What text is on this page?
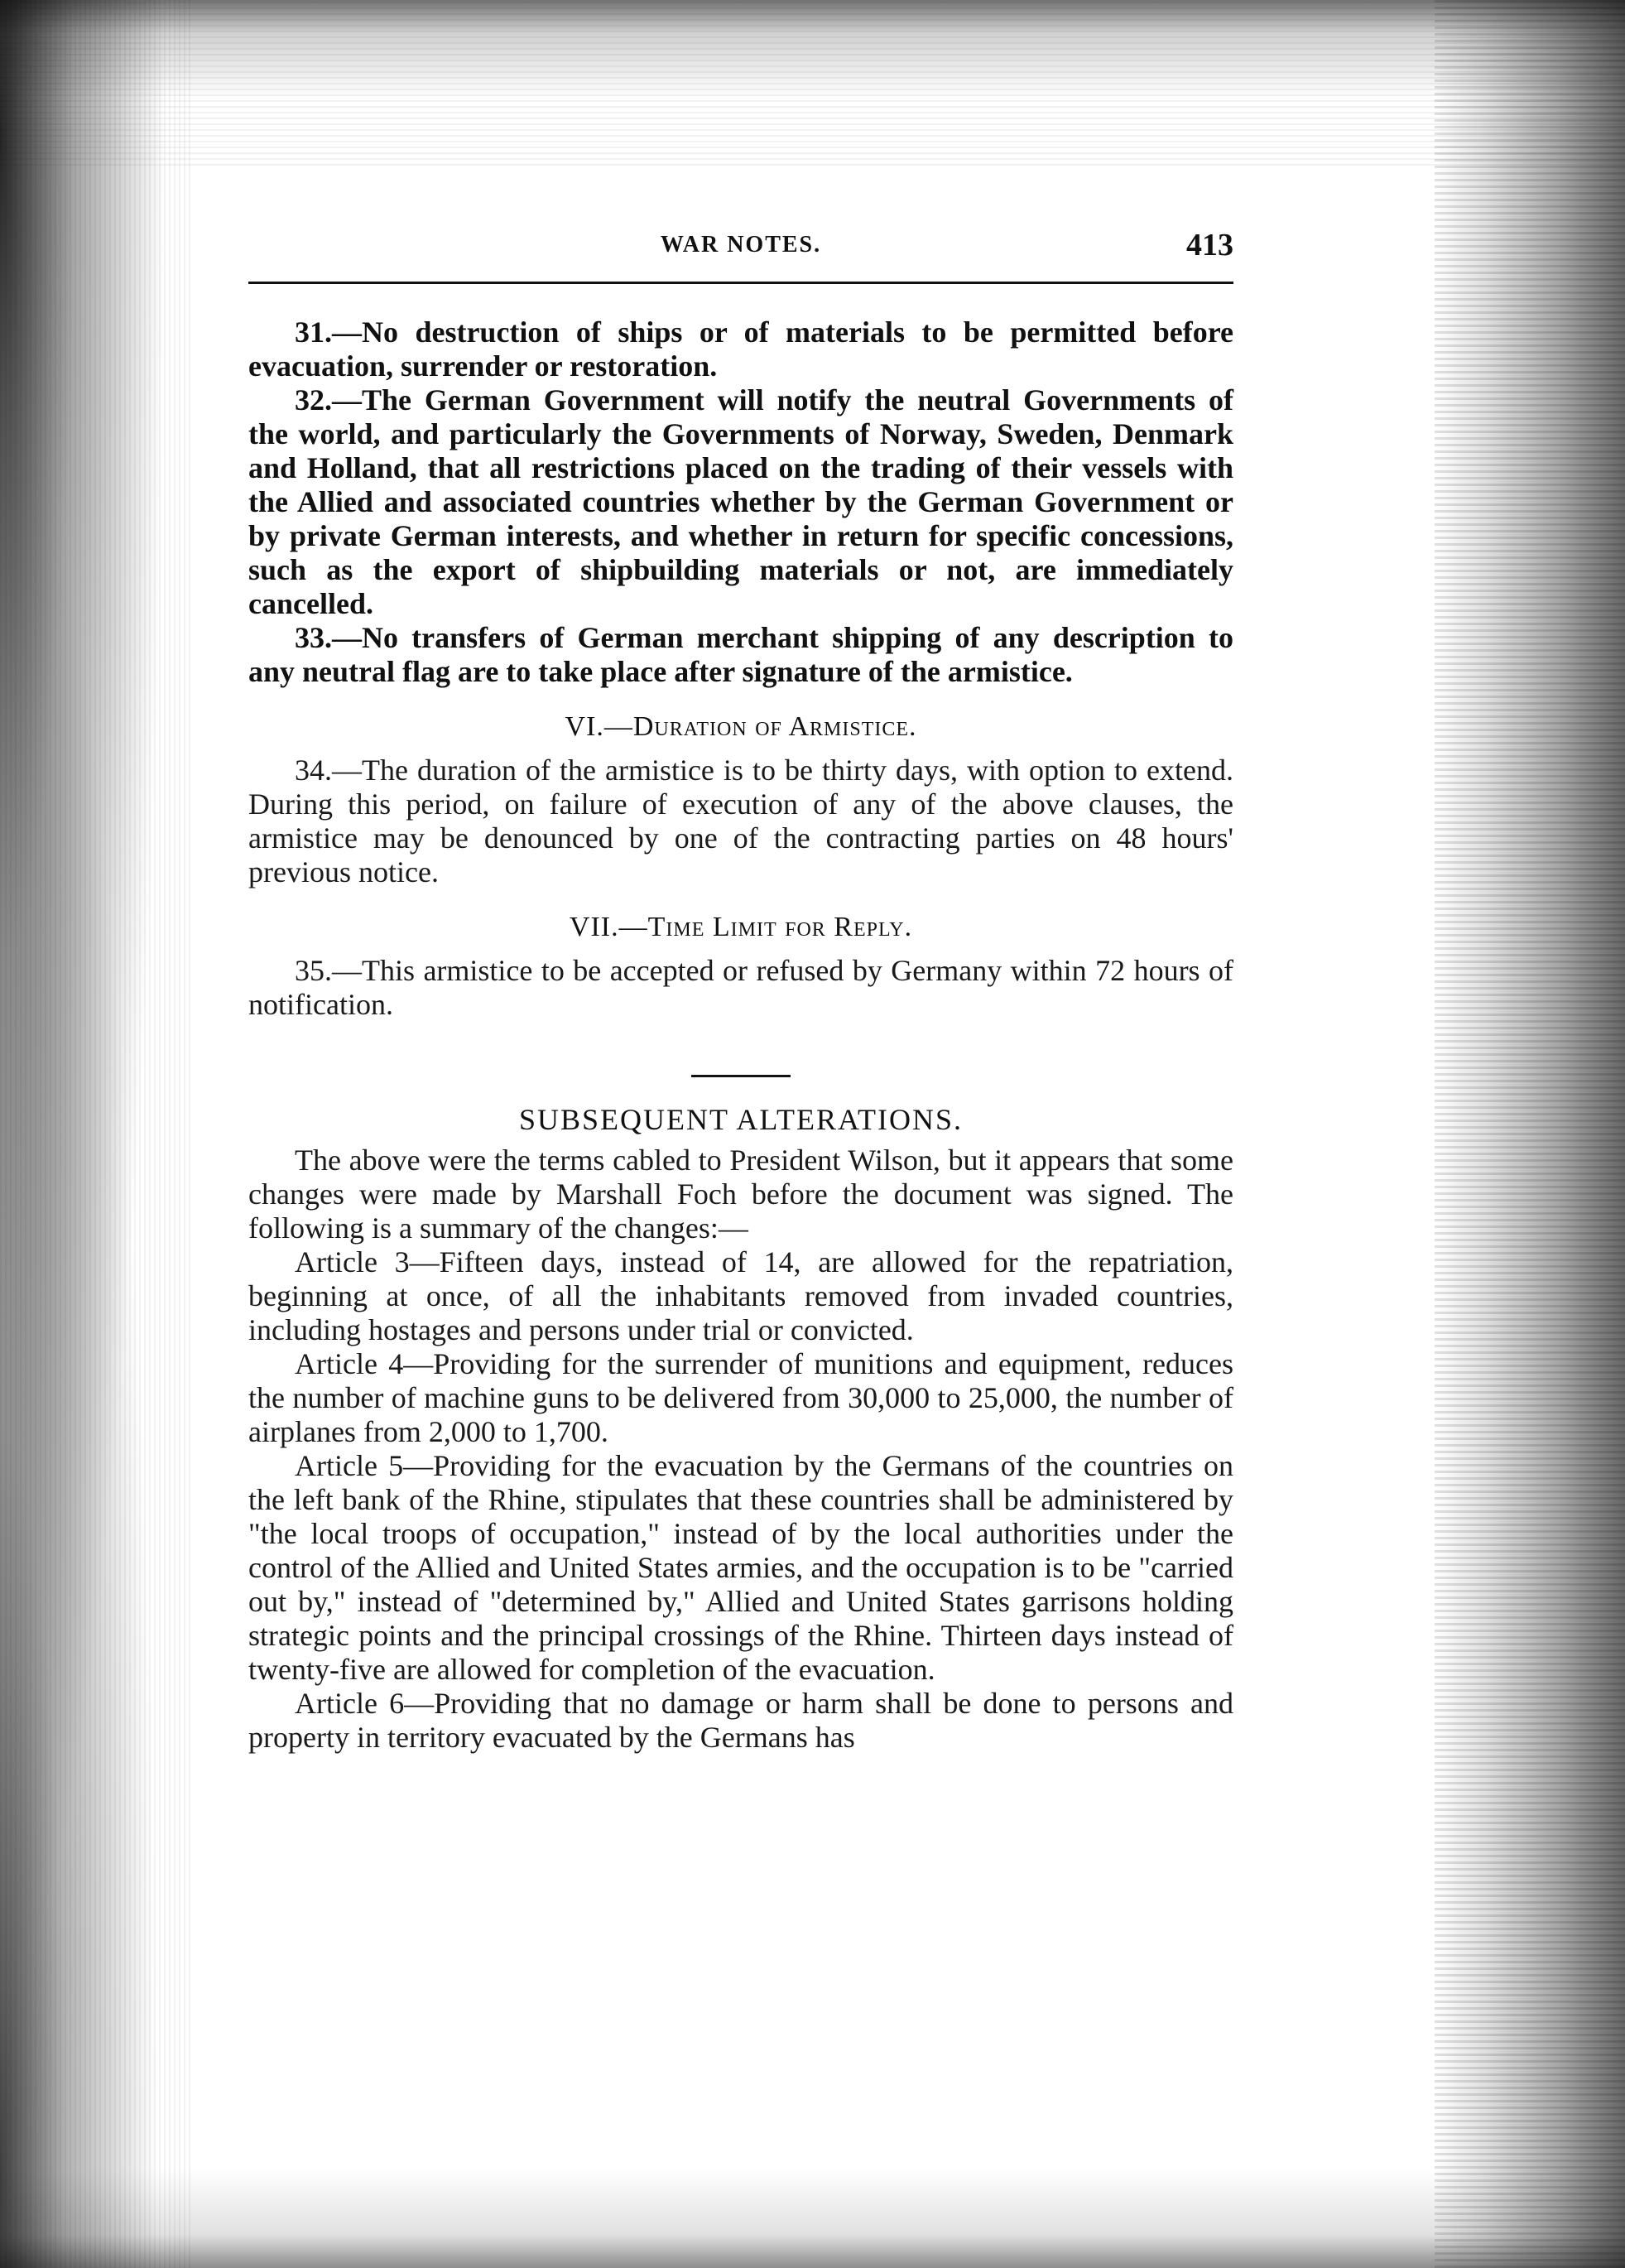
WAR NOTES.	413

31.—No destruction of ships or of materials to be permitted before evacuation, surrender or restoration.

32.—The German Government will notify the neutral Governments of the world, and particularly the Governments of Norway, Sweden, Denmark and Holland, that all restrictions placed on the trading of their vessels with the Allied and associated countries whether by the German Government or by private German interests, and whether in return for specific concessions, such as the export of shipbuilding materials or not, are immediately cancelled.

33.—No transfers of German merchant shipping of any description to any neutral flag are to take place after signature of the armistice.

VI.—Duration of Armistice.

34.—The duration of the armistice is to be thirty days, with option to extend. During this period, on failure of execution of any of the above clauses, the armistice may be denounced by one of the contracting parties on 48 hours' previous notice.

VII.—Time Limit for Reply.

35.—This armistice to be accepted or refused by Germany within 72 hours of notification.

SUBSEQUENT ALTERATIONS.

The above were the terms cabled to President Wilson, but it appears that some changes were made by Marshall Foch before the document was signed. The following is a summary of the changes:—

Article 3—Fifteen days, instead of 14, are allowed for the repatriation, beginning at once, of all the inhabitants removed from invaded countries, including hostages and persons under trial or convicted.

Article 4—Providing for the surrender of munitions and equipment, reduces the number of machine guns to be delivered from 30,000 to 25,000, the number of airplanes from 2,000 to 1,700.

Article 5—Providing for the evacuation by the Germans of the countries on the left bank of the Rhine, stipulates that these countries shall be administered by "the local troops of occupation," instead of by the local authorities under the control of the Allied and United States armies, and the occupation is to be "carried out by," instead of "determined by," Allied and United States garrisons holding strategic points and the principal crossings of the Rhine. Thirteen days instead of twenty-five are allowed for completion of the evacuation.

Article 6—Providing that no damage or harm shall be done to persons and property in territory evacuated by the Germans has
